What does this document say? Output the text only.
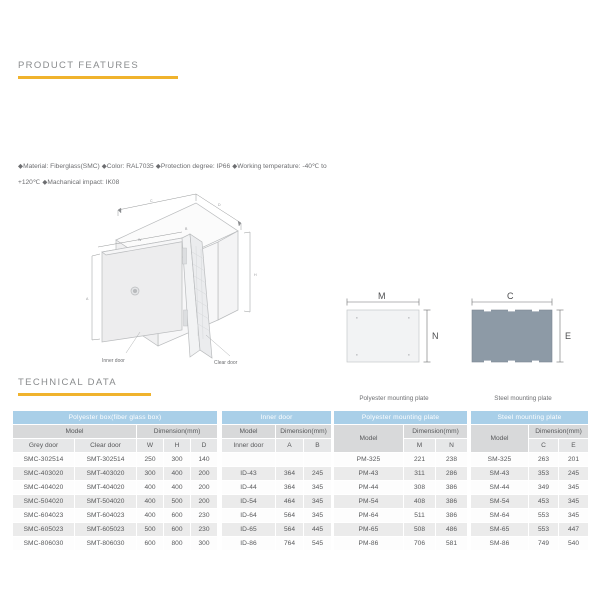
PRODUCT FEATURES
◆Material: Fiberglass(SMC) ◆Color: RAL7035 ◆Protection degree: IP66 ◆Working temperature: -40℃ to +120℃ ◆Machanical impact: IK08
C
D
W
A
H
B
Inner door	Clear door
M
N
Polyester mounting plate
C
E
Steel mounting plate
TECHNICAL DATA
Polyester box(fiber glass box)				
Model		Dimension(mm)		
Grey door	Clear door	W	H	D
SMC-302514	SMT-302514	250	300	140
SMC-403020	SMT-403020	300	400	200
SMC-404020	SMT-404020	400	400	200
SMC-504020	SMT-504020	400	500	200
SMC-604023	SMT-604023	400	600	230
SMC-605023	SMT-605023	500	600	230
SMC-806030	SMT-806030	600	800	300
Inner door		
Model	Dimension(mm)	
Inner door	A	B

ID-43	364	245
ID-44	364	345
ID-54	464	345
ID-64	564	345
ID-65	564	445
ID-86	764	545
Polyester mounting plate		
Model	Dimension(mm)	
	M	N
PM-325	221	238
PM-43	311	286
PM-44	308	386
PM-54	408	386
PM-64	511	386
PM-65	508	486
PM-86	706	581
Steel mounting plate		
Model	Dimension(mm)	
	C	E
SM-325	263	201
SM-43	353	245
SM-44	349	345
SM-54	453	345
SM-64	553	345
SM-65	553	447
SM-86	749	540
